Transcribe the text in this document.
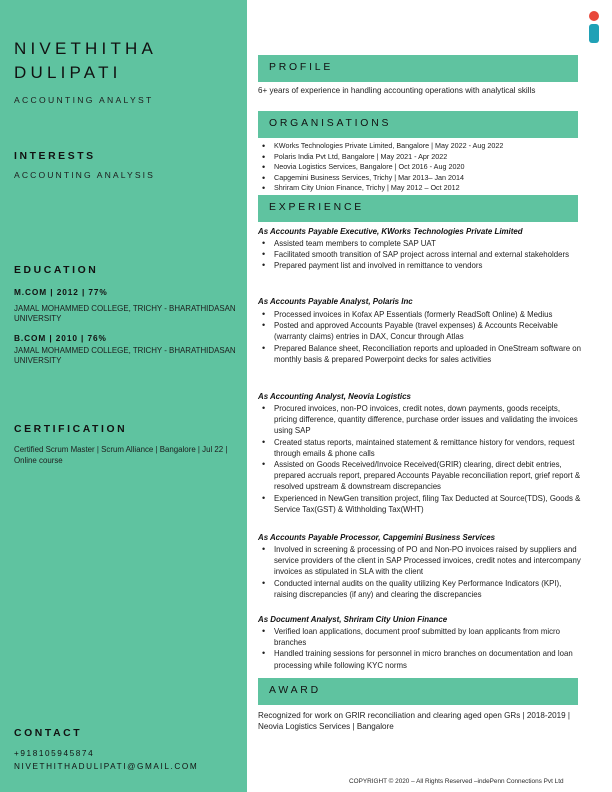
NIVETHITHA
DULIPATI
ACCOUNTING ANALYST
INTERESTS
ACCOUNTING ANALYSIS
EDUCATION
M.COM | 2012 | 77%
JAMAL MOHAMMED COLLEGE, TRICHY - BHARATHIDASAN UNIVERSITY
B.COM | 2010 | 76%
JAMAL MOHAMMED COLLEGE, TRICHY - BHARATHIDASAN UNIVERSITY
CERTIFICATION
Certified Scrum Master | Scrum Alliance | Bangalore | Jul 22 | Online course
CONTACT
+918105945874
NIVETHITHADULIPATI@GMAIL.COM
PROFILE
6+ years of experience in handling accounting operations with analytical skills
ORGANISATIONS
• KWorks Technologies Private Limited, Bangalore | May 2022 - Aug 2022
• Polaris India Pvt Ltd, Bangalore | May 2021 - Apr 2022
• Neovia Logistics Services, Bangalore | Oct 2016 - Aug 2020
• Capgemini Business Services, Trichy | Mar 2013– Jan 2014
• Shriram City Union Finance, Trichy | May 2012 – Oct 2012
EXPERIENCE
As Accounts Payable Executive, KWorks Technologies Private Limited
• Assisted team members to complete SAP UAT
• Facilitated smooth transition of SAP project across internal and external stakeholders
• Prepared payment list and involved in remittance to vendors
As Accounts Payable Analyst, Polaris Inc
• Processed invoices in Kofax AP Essentials (formerly ReadSoft Online) & Medius
• Posted and approved Accounts Payable (travel expenses) & Accounts Receivable (warranty claims) entries in DAX, Concur through Atlas
• Prepared Balance sheet, Reconciliation reports and uploaded in OneStream software on monthly basis & prepared Powerpoint decks for sales activities
As Accounting Analyst, Neovia Logistics
• Procured invoices, non-PO invoices, credit notes, down payments, goods receipts, pricing difference, quantity difference, purchase order issues and validating the invoices using SAP
• Created status reports, maintained statement & remittance history for vendors, request through emails & phone calls
• Assisted on Goods Received/Invoice Received(GRIR) clearing, direct debit entries, prepared accruals report, prepared Accounts Payable reconciliation report, grief report & resolved upstream & downstream discrepancies
• Experienced in NewGen transition project, filing Tax Deducted at Source(TDS), Goods & Service Tax(GST) & Withholding Tax(WHT)
As Accounts Payable Processor, Capgemini Business Services
• Involved in screening & processing of PO and Non-PO invoices raised by suppliers and service providers of the client in SAP Processed invoices, credit notes and intercompany invoices as stipulated in SLA with the client
• Conducted internal audits on the quality utilizing Key Performance Indicators (KPI), raising discrepancies (if any) and clearing the discrepancies
As Document Analyst, Shriram City Union Finance
• Verified loan applications, document proof submitted by loan applicants from micro branches
• Handled training sessions for personnel in micro branches on documentation and loan processing while following KYC norms
AWARD
Recognized for work on GRIR reconciliation and clearing aged open GRs | 2018-2019 | Neovia Logistics Services | Bangalore
COPYRIGHT © 2020 – All Rights Reserved –indePenn Connections Pvt Ltd
